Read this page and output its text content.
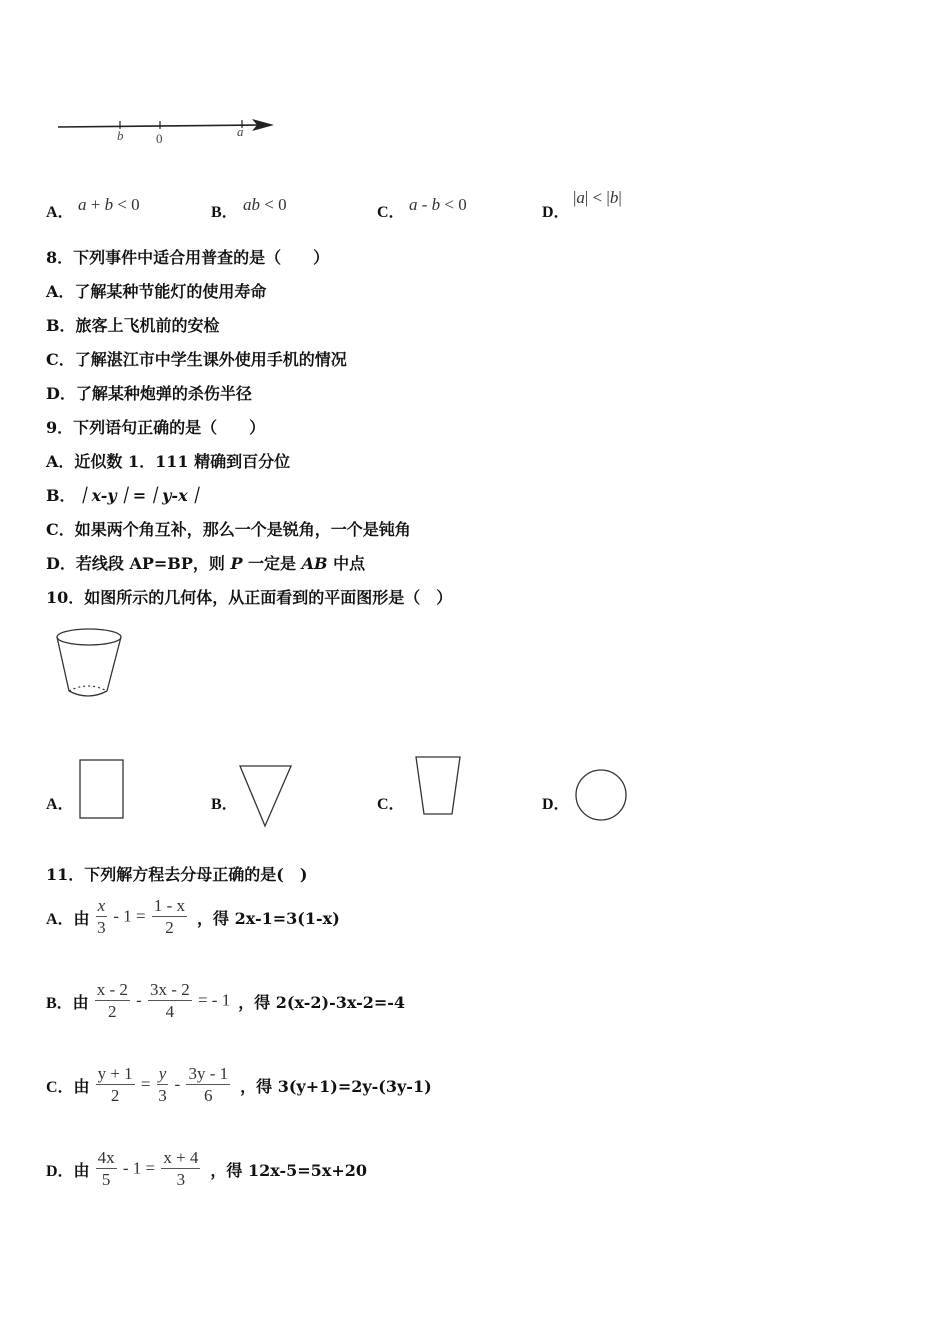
b	0	a
A． a + b < 0	B． ab < 0	C． a - b < 0	D．
|a| < |b|
8．下列事件中适合用普查的是（　　）
A．了解某种节能灯的使用寿命
B．旅客上飞机前的安检
C．了解湛江市中学生课外使用手机的情况
D．了解某种炮弹的杀伤半径
9．下列语句正确的是（　　）
A．近似数 1．111 精确到百分位
B．｜x-y｜=｜y-x｜
C．如果两个角互补，那么一个是锐角，一个是钝角
D．若线段 AP=BP，则 P 一定是 AB 中点
10．如图所示的几何体，从正面看到的平面图形是（　）
A．	B．	C．	D．
11．下列解方程去分母正确的是(　)
A．由 $\frac{x}{3} - 1 = \frac{1 - x}{2}$ ，得 2x-1=3(1-x)
B．由 $\frac{x - 2}{2} - \frac{3x - 2}{4}$ = - 1 ，得 2(x-2)-3x-2=-4
C．由 $\frac{y + 1}{2} = \frac{y}{3} - \frac{3y - 1}{6}$ ，得 3(y+1)=2y-(3y-1)
D．由 $\frac{4x}{5} - 1 = \frac{x + 4}{3}$ ，得 12x-5=5x+20
